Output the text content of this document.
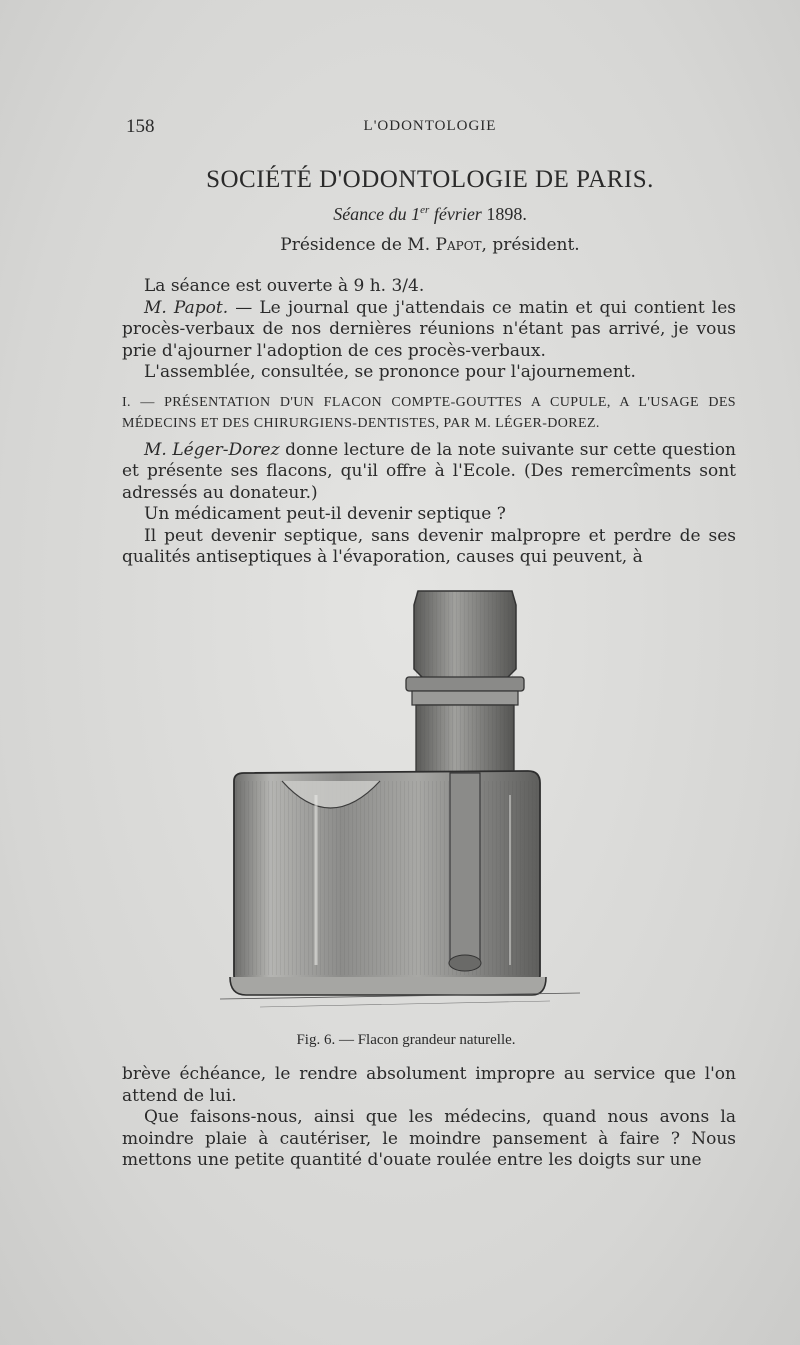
158	L'ODONTOLOGIE
SOCIÉTÉ D'ODONTOLOGIE DE PARIS.
Séance du 1er février 1898.
Présidence de M. Papot, président.

La séance est ouverte à 9 h. 3/4.

M. Papot. — Le journal que j'attendais ce matin et qui contient les procès-verbaux de nos dernières réunions n'étant pas arrivé, je vous prie d'ajourner l'adoption de ces procès-verbaux.

L'assemblée, consultée, se prononce pour l'ajournement.

I. — PRÉSENTATION D'UN FLACON COMPTE-GOUTTES A CUPULE, A L'USAGE DES MÉDECINS ET DES CHIRURGIENS-DENTISTES, PAR M. LÉGER-DOREZ.

M. Léger-Dorez donne lecture de la note suivante sur cette question et présente ses flacons, qu'il offre à l'Ecole. (Des remercîments sont adressés au donateur.)

Un médicament peut-il devenir septique ?

Il peut devenir septique, sans devenir malpropre et perdre de ses qualités antiseptiques à l'évaporation, causes qui peuvent, à

Fig. 6. — Flacon grandeur naturelle.

brève échéance, le rendre absolument impropre au service que l'on attend de lui.

Que faisons-nous, ainsi que les médecins, quand nous avons la moindre plaie à cautériser, le moindre pansement à faire ? Nous mettons une petite quantité d'ouate roulée entre les doigts sur une
